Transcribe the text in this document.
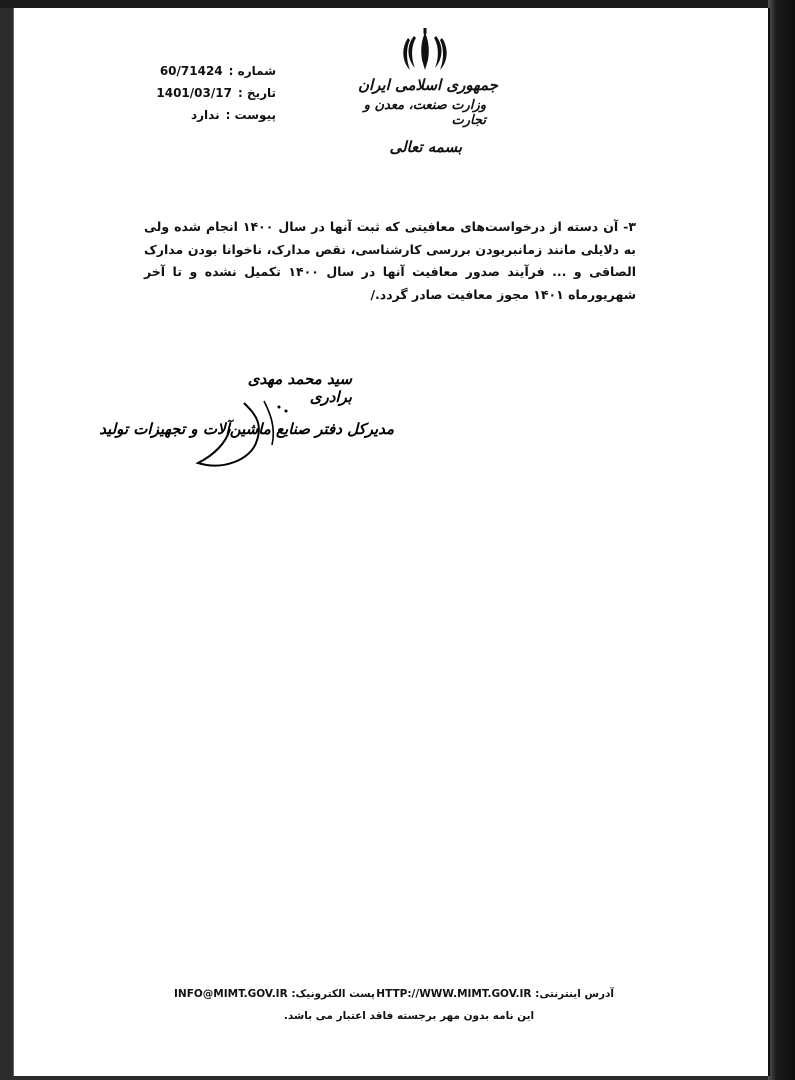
شماره :
60/71424
تاریخ :
1401/03/17
پیوست :
ندارد
جمهوری اسلامی ایران
وزارت صنعت، معدن و تجارت
بسمه تعالی

۳- آن دسته از درخواست‌های معافیتی که ثبت آنها در سال ۱۴۰۰ انجام شده ولی به دلایلی مانند زمانبربودن بررسی کارشناسی، نقص مدارک، ناخوانا بودن مدارک الصاقی و ... فرآیند صدور معافیت آنها در سال ۱۴۰۰ تکمیل نشده و تا آخر شهریورماه ۱۴۰۱ مجوز معافیت صادر گردد./

سید محمد مهدی برادری
مدیرکل دفتر صنایع ماشین‌آلات و تجهیزات تولید
آدرس اینترنتی: HTTP://WWW.MIMT.GOV.IR
پست الکترونیک: INFO@MIMT.GOV.IR
این نامه بدون مهر برجسته فاقد اعتبار می باشد.
